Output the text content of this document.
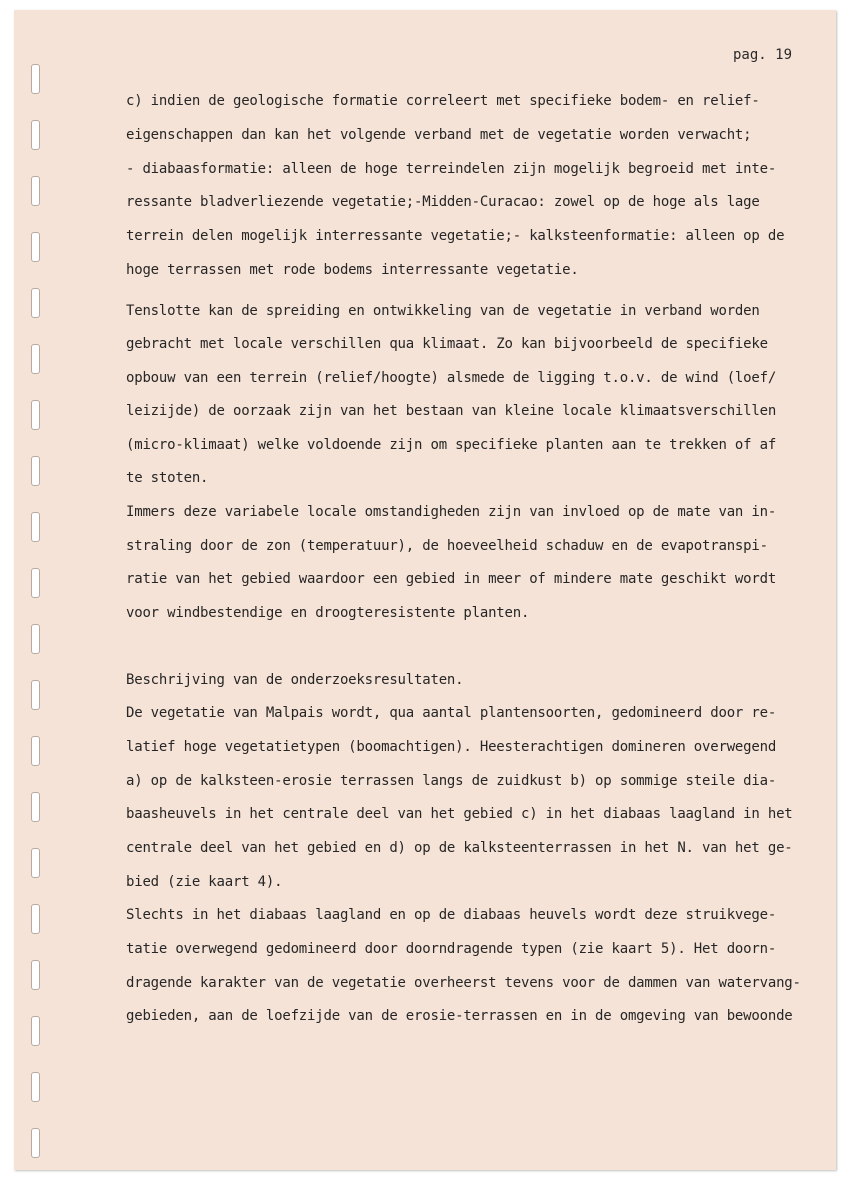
pag. 19

c) indien de geologische formatie correleert met specifieke bodem- en relief-

eigenschappen dan kan het volgende verband met de vegetatie worden verwacht;

- diabaasformatie: alleen de hoge terreindelen zijn mogelijk begroeid met inte-

ressante bladverliezende vegetatie;-Midden-Curacao: zowel op de hoge als lage

terrein delen mogelijk interressante vegetatie;- kalksteenformatie: alleen op de

hoge terrassen met rode bodems interressante vegetatie.

Tenslotte kan de spreiding en ontwikkeling van de vegetatie in verband worden

gebracht met locale verschillen qua klimaat. Zo kan bijvoorbeeld de specifieke

opbouw van een terrein (relief/hoogte) alsmede de ligging t.o.v. de wind (loef/

leizijde) de oorzaak zijn van het bestaan van kleine locale klimaatsverschillen

(micro-klimaat) welke voldoende zijn om specifieke planten aan te trekken of af

te stoten.

Immers deze variabele locale omstandigheden zijn van invloed op de mate van in-

straling door de zon (temperatuur), de hoeveelheid schaduw en de evapotranspi-

ratie van het gebied waardoor een gebied in meer of mindere mate geschikt wordt

voor windbestendige en droogteresistente planten.

Beschrijving van de onderzoeksresultaten.

De vegetatie van Malpais wordt, qua aantal plantensoorten, gedomineerd door re-

latief hoge vegetatietypen (boomachtigen). Heesterachtigen domineren overwegend

a) op de kalksteen-erosie terrassen langs de zuidkust b) op sommige steile dia-

baasheuvels in het centrale deel van het gebied c) in het diabaas laagland in het

centrale deel van het gebied en d) op de kalksteenterrassen in het N. van het ge-

bied (zie kaart 4).

Slechts in het diabaas laagland en op de diabaas heuvels wordt deze struikvege-

tatie overwegend gedomineerd door doorndragende typen (zie kaart 5). Het doorn-

dragende karakter van de vegetatie overheerst tevens voor de dammen van watervang-

gebieden, aan de loefzijde van de erosie-terrassen en in de omgeving van bewoonde
